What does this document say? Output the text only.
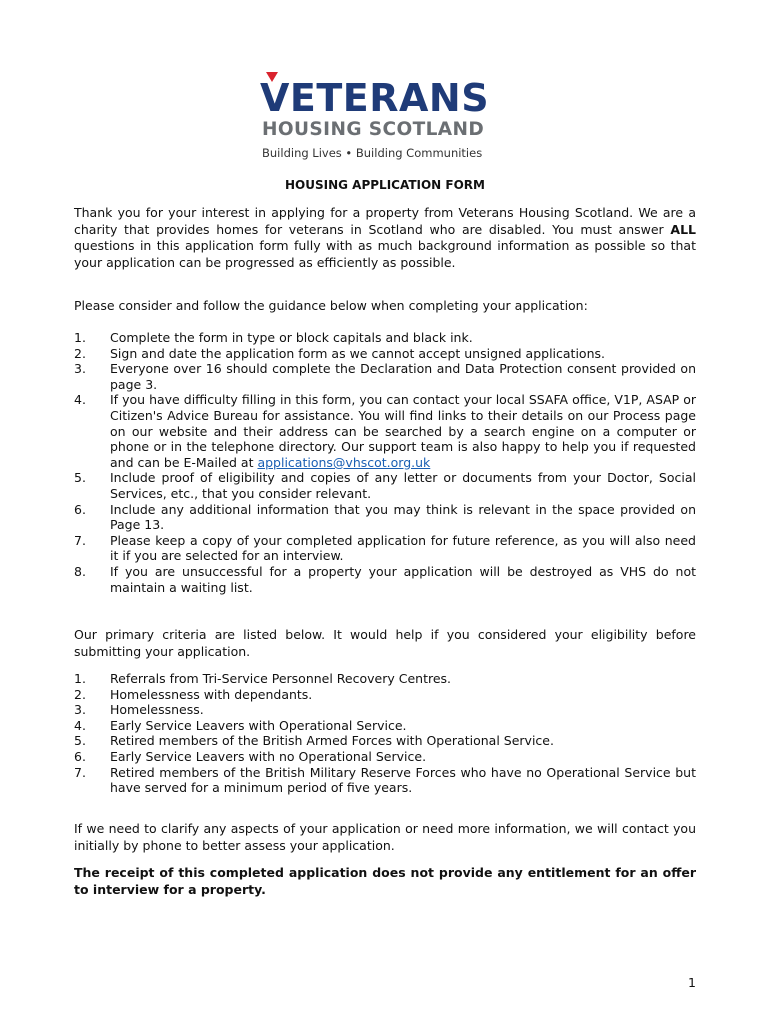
VETERANS
HOUSING SCOTLAND
Building Lives • Building Communities
HOUSING APPLICATION FORM

Thank you for your interest in applying for a property from Veterans Housing Scotland. We are a charity that provides homes for veterans in Scotland who are disabled. You must answer ALL questions in this application form fully with as much background information as possible so that your application can be progressed as efficiently as possible.

Please consider and follow the guidance below when completing your application:

1. Complete the form in type or block capitals and black ink.
2. Sign and date the application form as we cannot accept unsigned applications.
3. Everyone over 16 should complete the Declaration and Data Protection consent provided on page 3.
4. If you have difficulty filling in this form, you can contact your local SSAFA office, V1P, ASAP or Citizen's Advice Bureau for assistance. You will find links to their details on our Process page on our website and their address can be searched by a search engine on a computer or phone or in the telephone directory. Our support team is also happy to help you if requested and can be E-Mailed at applications@vhscot.org.uk
5. Include proof of eligibility and copies of any letter or documents from your Doctor, Social Services, etc., that you consider relevant.
6. Include any additional information that you may think is relevant in the space provided on Page 13.
7. Please keep a copy of your completed application for future reference, as you will also need it if you are selected for an interview.
8. If you are unsuccessful for a property your application will be destroyed as VHS do not maintain a waiting list.

Our primary criteria are listed below. It would help if you considered your eligibility before submitting your application.

1. Referrals from Tri-Service Personnel Recovery Centres.
2. Homelessness with dependants.
3. Homelessness.
4. Early Service Leavers with Operational Service.
5. Retired members of the British Armed Forces with Operational Service.
6. Early Service Leavers with no Operational Service.
7. Retired members of the British Military Reserve Forces who have no Operational Service but have served for a minimum period of five years.

If we need to clarify any aspects of your application or need more information, we will contact you initially by phone to better assess your application.

The receipt of this completed application does not provide any entitlement for an offer to interview for a property.

1
